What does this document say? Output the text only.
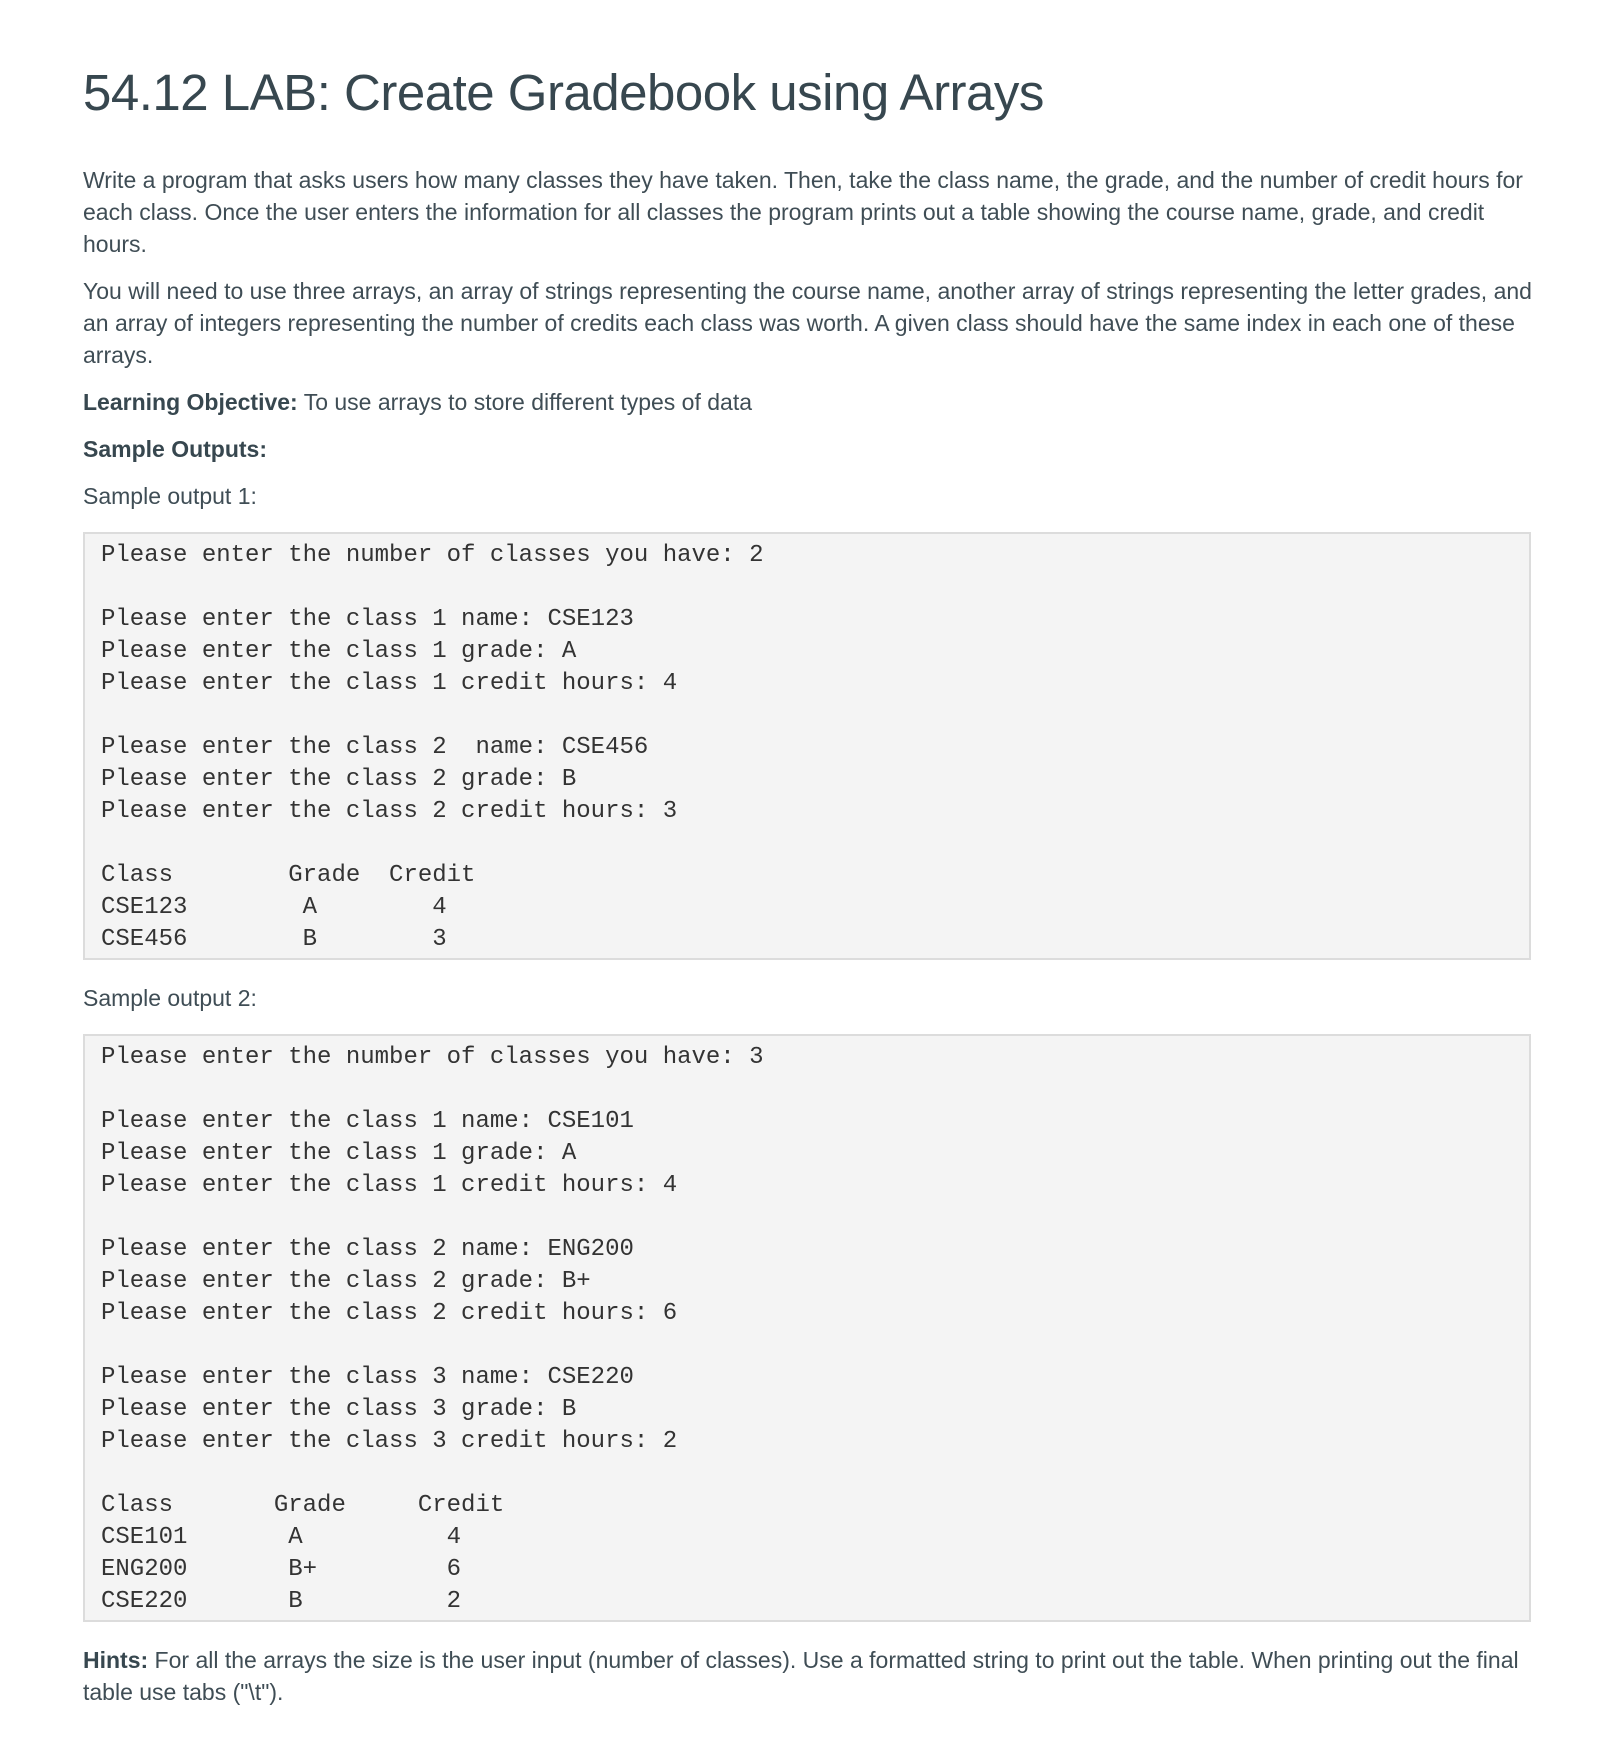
54.12 LAB: Create Gradebook using Arrays

Write a program that asks users how many classes they have taken. Then, take the class name, the grade, and the number of credit hours for each class. Once the user enters the information for all classes the program prints out a table showing the course name, grade, and credit hours.

You will need to use three arrays, an array of strings representing the course name, another array of strings representing the letter grades, and an array of integers representing the number of credits each class was worth. A given class should have the same index in each one of these arrays.

Learning Objective: To use arrays to store different types of data

Sample Outputs:

Sample output 1:

Please enter the number of classes you have: 2
Please enter the class 1 name: CSE123
Please enter the class 1 grade: A
Please enter the class 1 credit hours: 4
Please enter the class 2  name: CSE456
Please enter the class 2 grade: B
Please enter the class 2 credit hours: 3
Class        Grade  Credit
CSE123        A        4
CSE456        B        3

Sample output 2:

Please enter the number of classes you have: 3
Please enter the class 1 name: CSE101
Please enter the class 1 grade: A
Please enter the class 1 credit hours: 4
Please enter the class 2 name: ENG200
Please enter the class 2 grade: B+
Please enter the class 2 credit hours: 6
Please enter the class 3 name: CSE220
Please enter the class 3 grade: B
Please enter the class 3 credit hours: 2
Class       Grade     Credit
CSE101       A          4
ENG200       B+         6
CSE220       B          2

Hints: For all the arrays the size is the user input (number of classes). Use a formatted string to print out the table. When printing out the final table use tabs ("\t").
